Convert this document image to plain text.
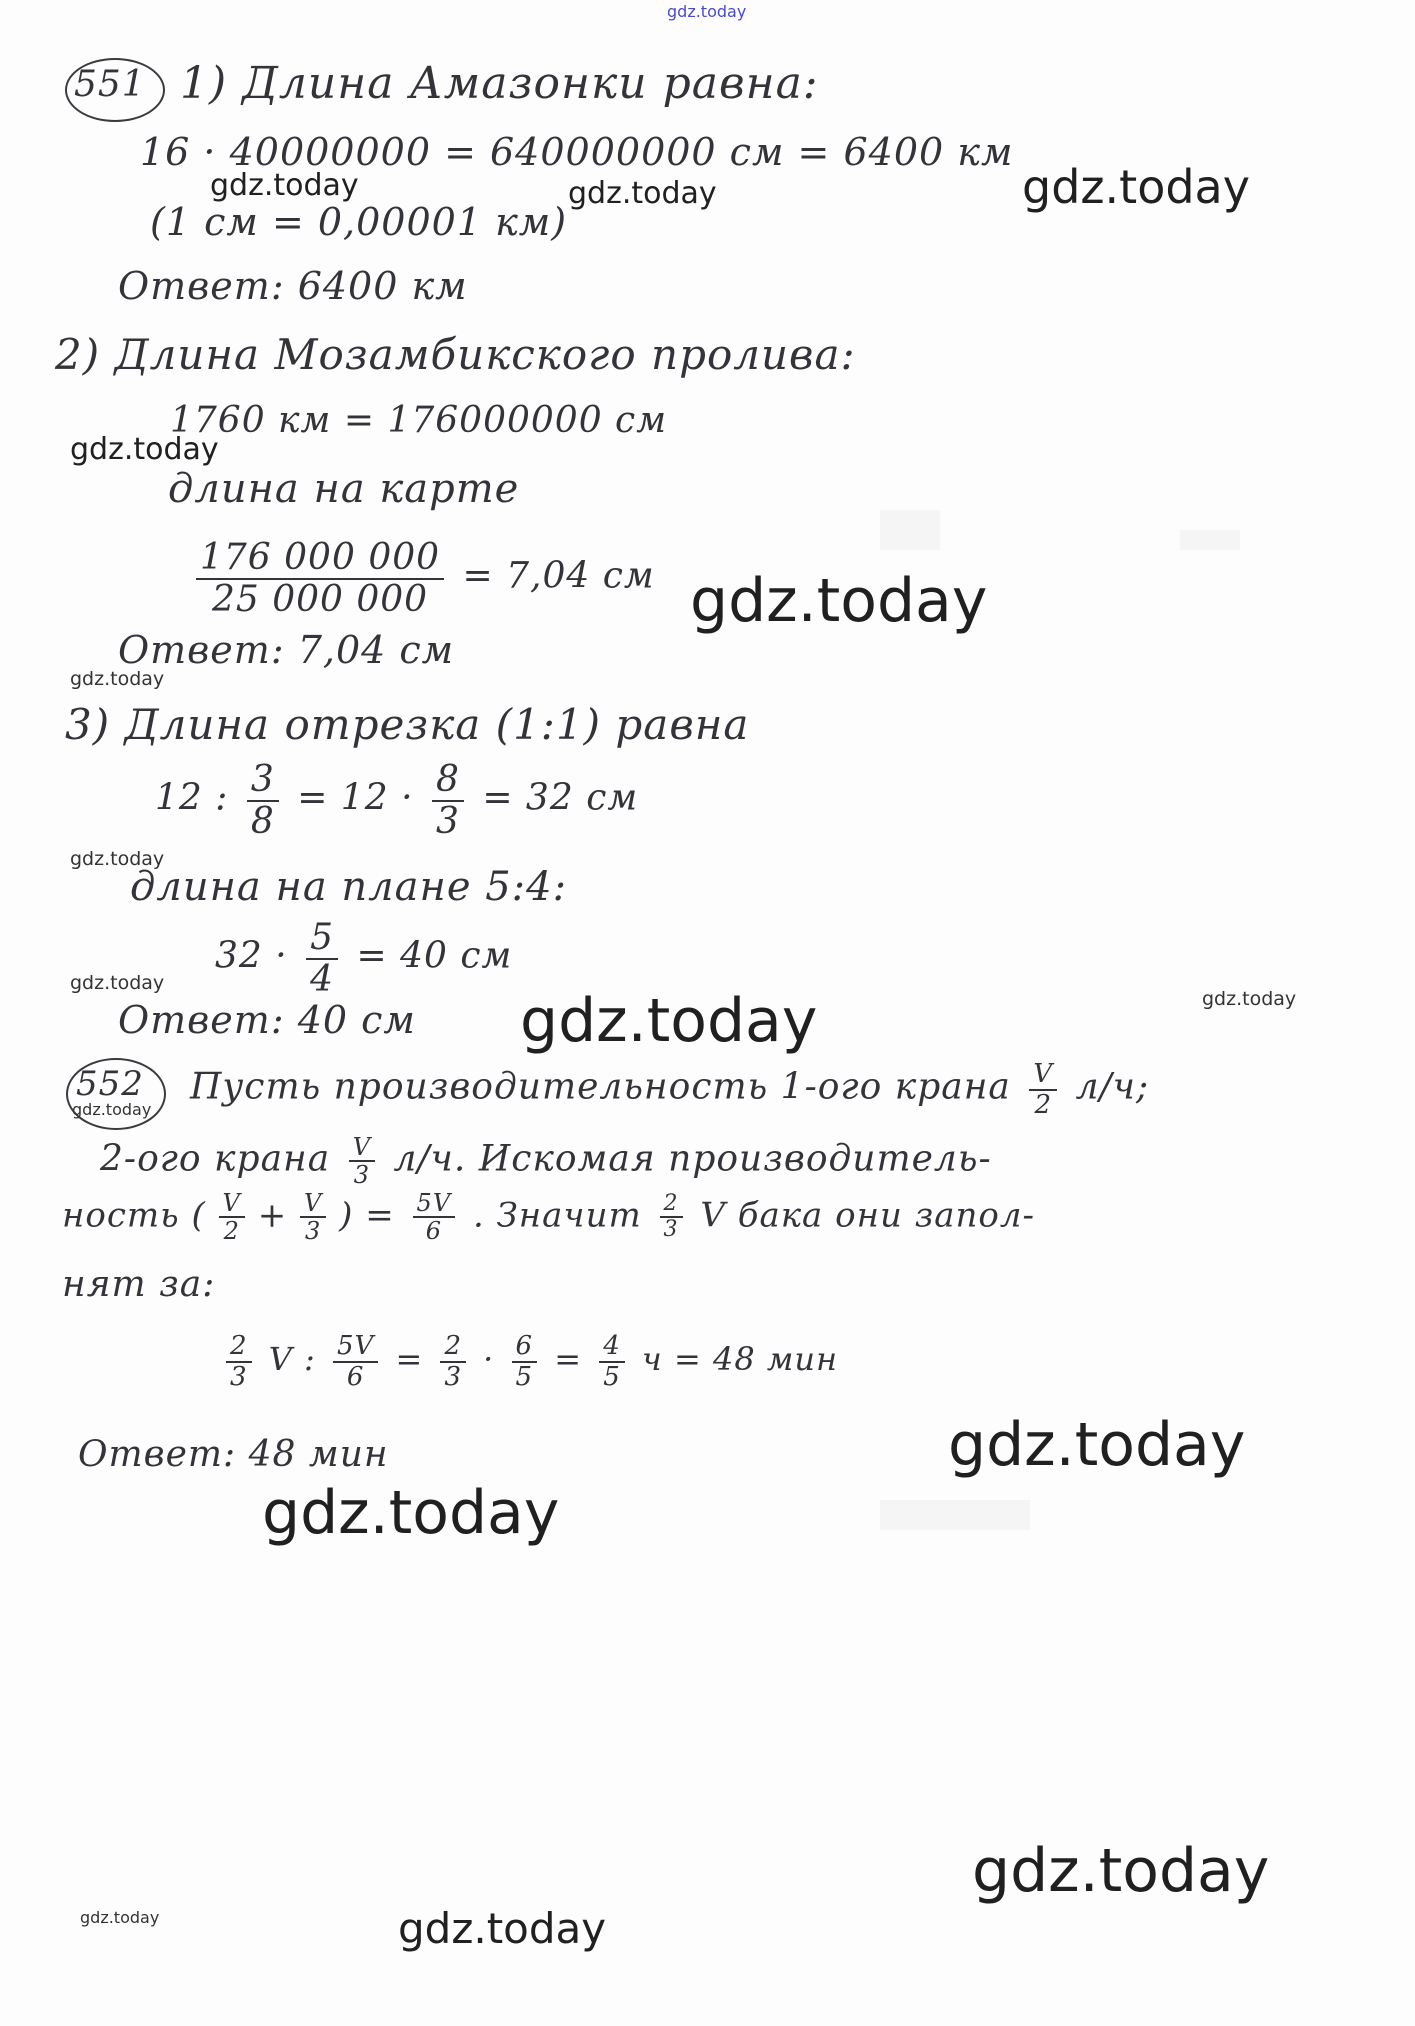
551 1) Длина Амазонки равна:
16 · 40000000 = 640000000 см = 6400 км
(1 см = 0,00001 км)
Ответ: 6400 км
2) Длина Мозамбикского пролива:
1760 км = 176000000 см
длина на карте
$\frac{176 000 000}{25 000 000} = 7,04$ см
Ответ: 7,04 см
3) Длина отрезка (1:1) равна
12 : $\frac{3}{8} = 12 \cdot \frac{8}{3} = 32$ см
длина на плане 5:4:
$32 \cdot \frac{5}{4} = 40$ см
Ответ: 40 см
552 Пусть производительность 1-ого крана $\frac{V}{2} л/ч$;
2-ого крана $\frac{V}{3} л/ч$. Искомая производитель-
ность ( $\frac{V}{2} + \frac{V}{3}$ ) = $\frac{5V}{6}$ . Значит $\frac{2}{3}$ V бака они запол-
нят за:
$\frac{2}{3}$ V : $\frac{5V}{6} = \frac{2}{3} \cdot \frac{6}{5} = \frac{4}{5}$ ч = 48 мин
Ответ: 48 мин
gdz.today
gdz.today	gdz.today	gdz.today
gdz.today
gdz.today
gdz.today
gdz.today
gdz.today
gdz.today	gdz.today
gdz.today
gdz.today
gdz.today
gdz.today
gdz.today	gdz.today
